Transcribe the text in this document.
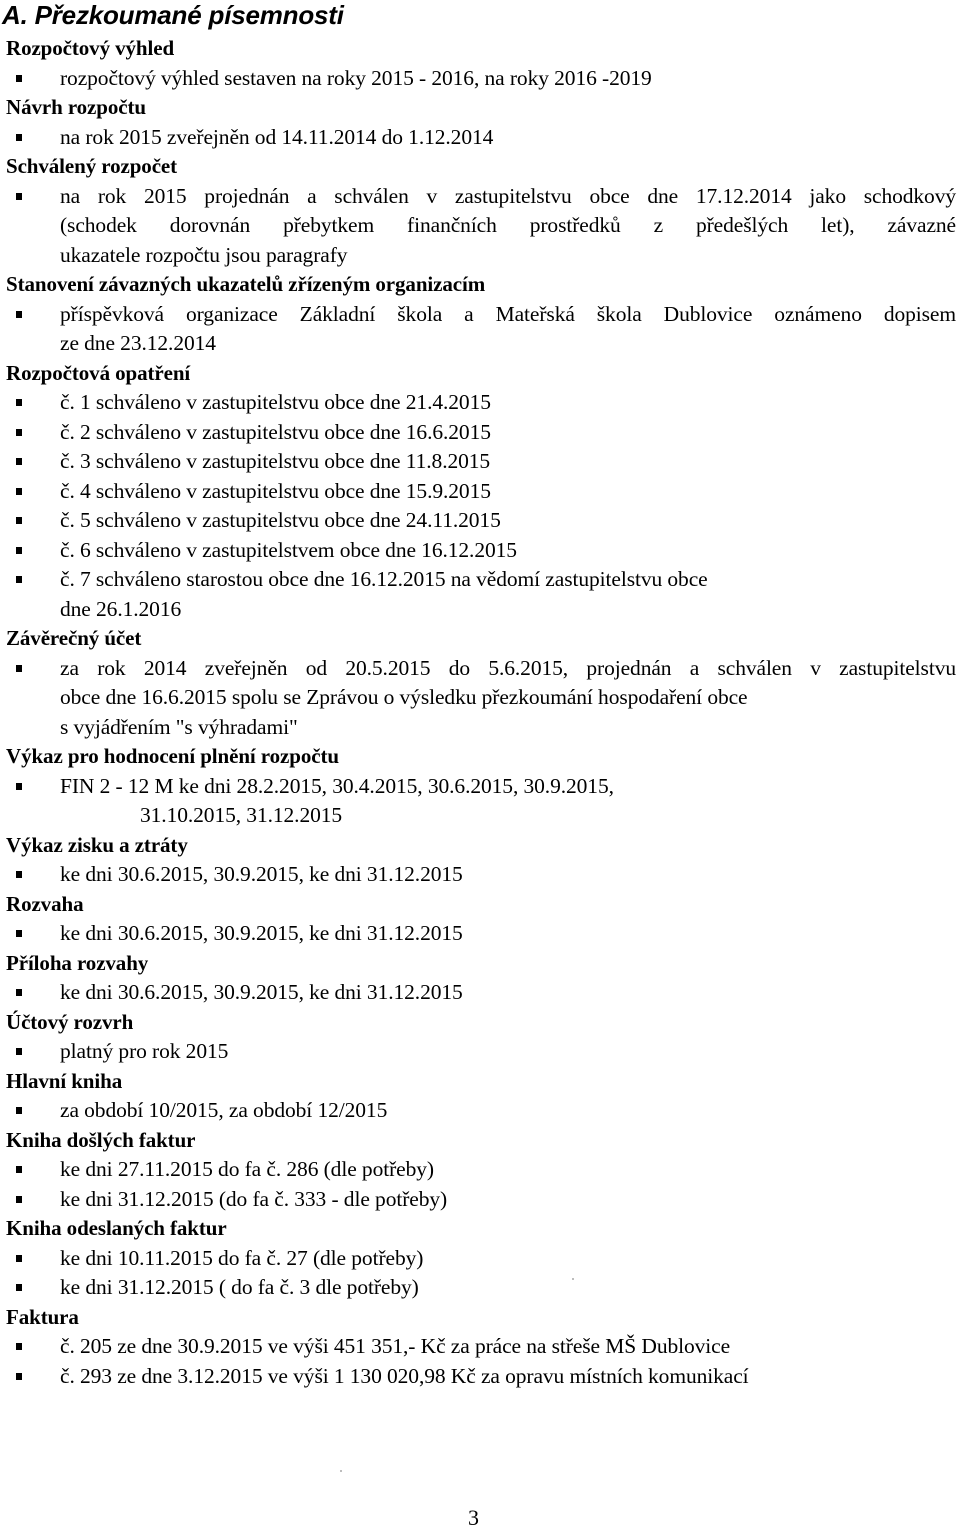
A. Přezkoumané písemnosti
Rozpočtový výhled
rozpočtový výhled sestaven na roky 2015 - 2016, na roky 2016 -2019
Návrh rozpočtu
na rok 2015 zveřejněn od 14.11.2014 do 1.12.2014
Schválený rozpočet
na rok 2015 projednán a schválen v zastupitelstvu obce dne 17.12.2014 jako schodkový
(schodek dorovnán přebytkem finančních prostředků z předešlých let), závazné
ukazatele rozpočtu jsou paragrafy
Stanovení závazných ukazatelů zřízeným organizacím
příspěvková organizace Základní škola a Mateřská škola Dublovice oznámeno dopisem
ze dne 23.12.2014
Rozpočtová opatření
č. 1 schváleno v zastupitelstvu obce dne 21.4.2015
č. 2 schváleno v zastupitelstvu obce dne 16.6.2015
č. 3 schváleno v zastupitelstvu obce dne 11.8.2015
č. 4 schváleno v zastupitelstvu obce dne 15.9.2015
č. 5 schváleno v zastupitelstvu obce dne 24.11.2015
č. 6 schváleno v zastupitelstvem obce dne 16.12.2015
č. 7 schváleno starostou obce dne 16.12.2015 na vědomí zastupitelstvu obce
dne 26.1.2016
Závěrečný účet
za rok 2014 zveřejněn od 20.5.2015 do 5.6.2015, projednán a schválen v zastupitelstvu
obce dne 16.6.2015 spolu se Zprávou o výsledku přezkoumání hospodaření obce
s vyjádřením "s výhradami"
Výkaz pro hodnocení plnění rozpočtu
FIN 2 - 12 M ke dni 28.2.2015, 30.4.2015, 30.6.2015, 30.9.2015,
31.10.2015, 31.12.2015
Výkaz zisku a ztráty
ke dni 30.6.2015, 30.9.2015, ke dni 31.12.2015
Rozvaha
ke dni 30.6.2015, 30.9.2015, ke dni 31.12.2015
Příloha rozvahy
ke dni 30.6.2015, 30.9.2015, ke dni 31.12.2015
Účtový rozvrh
platný pro rok 2015
Hlavní kniha
za období 10/2015, za období 12/2015
Kniha došlých faktur
ke dni 27.11.2015 do fa č. 286 (dle potřeby)
ke dni 31.12.2015 (do fa č. 333 - dle potřeby)
Kniha odeslaných faktur
ke dni 10.11.2015 do fa č. 27 (dle potřeby)
ke dni 31.12.2015 ( do fa č. 3 dle potřeby)
Faktura
č. 205 ze dne 30.9.2015 ve výši 451 351,- Kč za práce na střeše MŠ Dublovice
č. 293 ze dne 3.12.2015 ve výši 1 130 020,98 Kč za opravu místních komunikací
3
